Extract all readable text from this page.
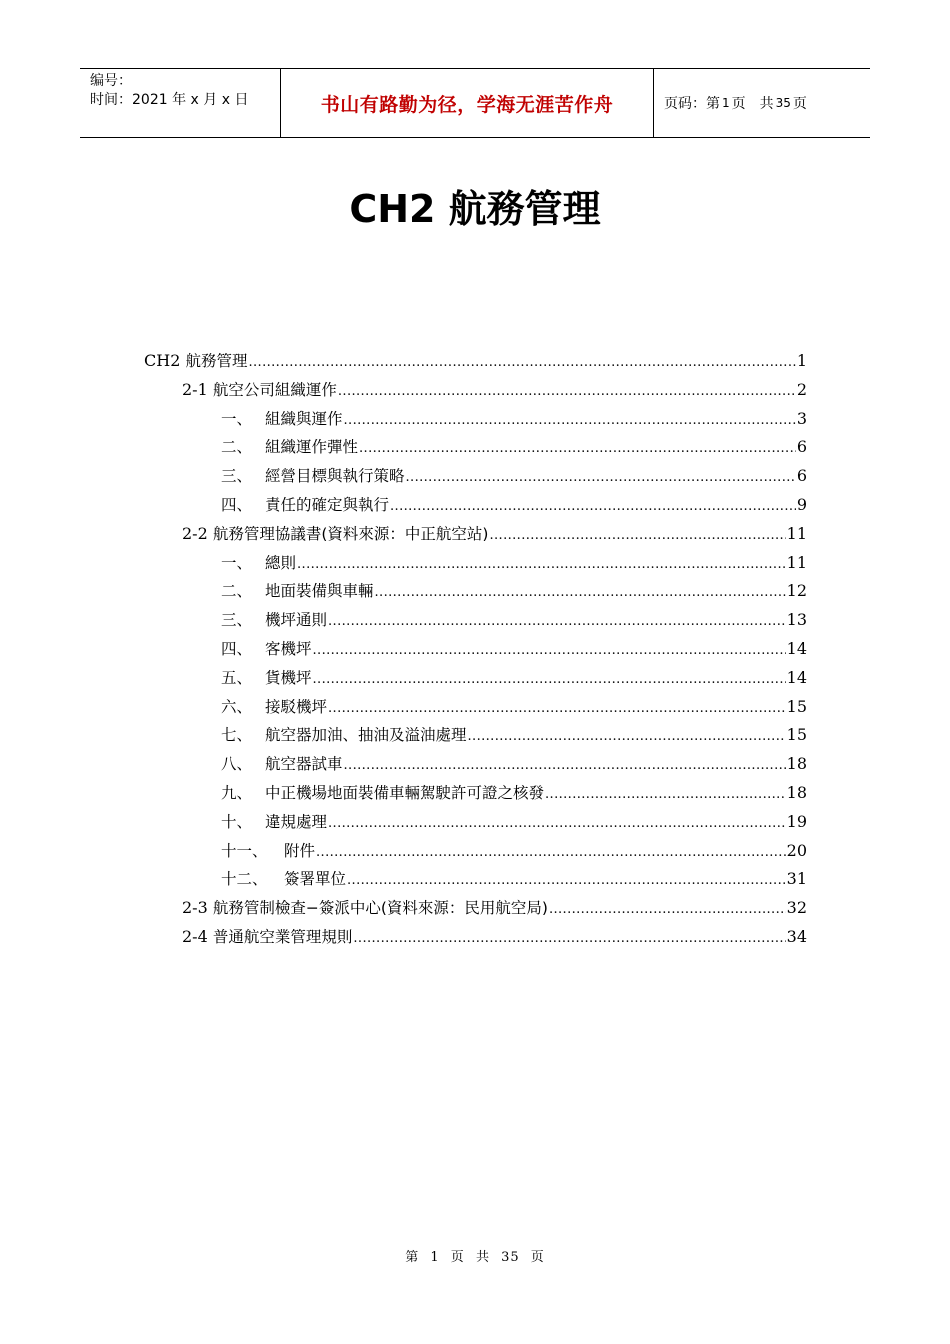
编号：
时间：2021 年 x 月 x 日	书山有路勤为径，学海无涯苦作舟	页码：第 1 页　共 35 页
CH2 航務管理
CH2 航務管理 .....	1
2-1 航空公司組織運作 .....	2
一、 組織與運作 .....	3
二、 組織運作彈性 .....	6
三、 經營目標與執行策略 .....	6
四、 責任的確定與執行 .....	9
2-2 航務管理協議書(資料來源：中正航空站) .....	11
一、 總則 .....	11
二、 地面裝備與車輛 .....	12
三、 機坪通則 .....	13
四、 客機坪 .....	14
五、 貨機坪 .....	14
六、 接駁機坪 .....	15
七、 航空器加油、抽油及溢油處理 .....	15
八、 航空器試車 .....	18
九、 中正機場地面裝備車輛駕駛許可證之核發 .....	18
十、 違規處理 .....	19
十一、	附件 .....	20
十二、	簽署單位 .....	31
2-3 航務管制檢查−簽派中心(資料來源：民用航空局) .....	32
2-4 普通航空業管理規則 .....	34
第 1 页 共 35 页
